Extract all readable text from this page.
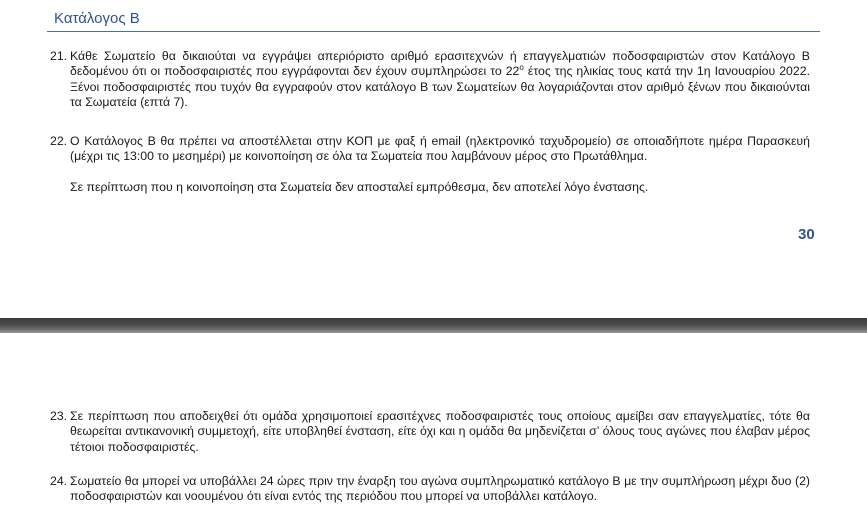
Κατάλογος Β
21. Κάθε Σωματείο θα δικαιούται να εγγράψει απεριόριστο αριθμό ερασιτεχνών ή επαγγελματιών ποδοσφαιριστών στον Κατάλογο Β δεδομένου ότι οι ποδοσφαιριστές που εγγράφονται δεν έχουν συμπληρώσει το $22^o$ έτος της ηλικίας τους κατά την 1η Ιανουαρίου 2022. Ξένοι ποδοσφαιριστές που τυχόν θα εγγραφούν στον κατάλογο Β των Σωματείων θα λογαριάζονται στον αριθμό ξένων που δικαιούνται τα Σωματεία (επτά 7).
22. Ο Κατάλογος Β θα πρέπει να αποστέλλεται στην ΚΟΠ με φαξ ή email (ηλεκτρονικό ταχυδρομείο) σε οποιαδήποτε ημέρα Παρασκευή (μέχρι τις 13:00 το μεσημέρι) με κοινοποίηση σε όλα τα Σωματεία που λαμβάνουν μέρος στο Πρωτάθλημα.
Σε περίπτωση που η κοινοποίηση στα Σωματεία δεν αποσταλεί εμπρόθεσμα, δεν αποτελεί λόγο ένστασης.
30
23. Σε περίπτωση που αποδειχθεί ότι ομάδα χρησιμοποιεί ερασιτέχνες ποδοσφαιριστές τους οποίους αμείβει σαν επαγγελματίες, τότε θα θεωρείται αντικανονική συμμετοχή, είτε υποβληθεί ένσταση, είτε όχι και η ομάδα θα μηδενίζεται σ’ όλους τους αγώνες που έλαβαν μέρος τέτοιοι ποδοσφαιριστές.
24. Σωματείο θα μπορεί να υποβάλλει 24 ώρες πριν την έναρξη του αγώνα συμπληρωματικό κατάλογο Β με την συμπλήρωση μέχρι δυο (2) ποδοσφαιριστών και νοουμένου ότι είναι εντός της περιόδου που μπορεί να υποβάλλει κατάλογο.
